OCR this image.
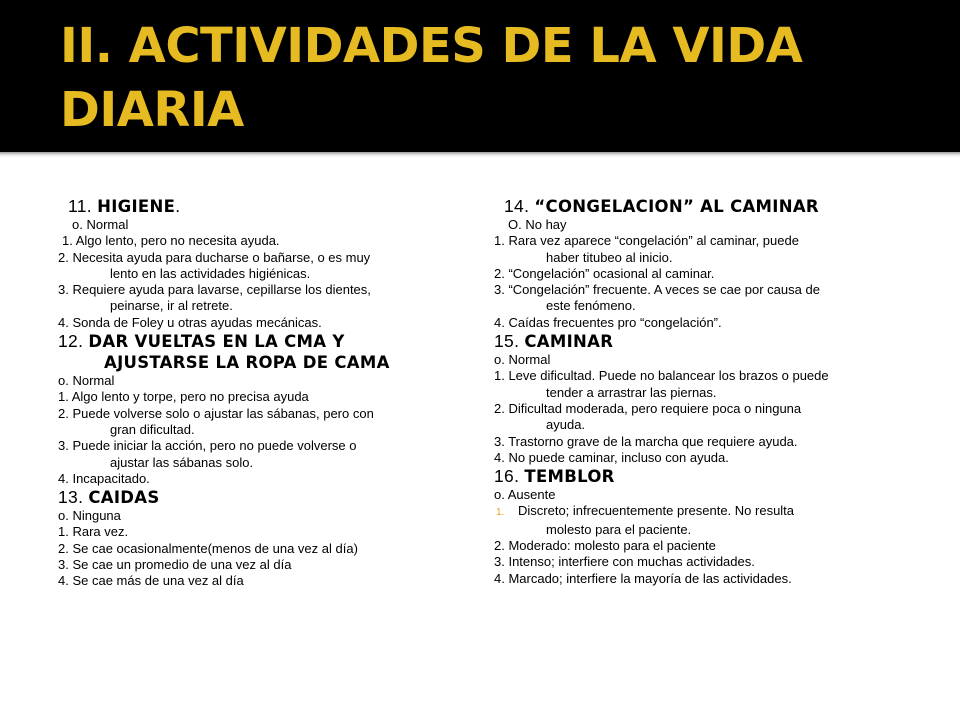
II. ACTIVIDADES DE LA VIDA DIARIA
11. HIGIENE.
o. Normal
1. Algo lento, pero no necesita ayuda.
2. Necesita ayuda para ducharse o bañarse, o es muy
lento en las actividades higiénicas.
3. Requiere ayuda para lavarse, cepillarse los dientes,
peinarse, ir al retrete.
4. Sonda de Foley u otras ayudas mecánicas.
12. DAR VUELTAS EN LA CMA Y
AJUSTARSE LA ROPA DE CAMA
o. Normal
1. Algo lento y torpe, pero no precisa ayuda
2. Puede volverse solo o ajustar las sábanas, pero con
gran dificultad.
3. Puede iniciar la acción, pero no puede volverse o
ajustar las sábanas solo.
4. Incapacitado.
13. CAIDAS
o. Ninguna
1. Rara vez.
2. Se cae ocasionalmente(menos de una vez al día)
3. Se cae un promedio de una vez al día
4. Se cae más de una vez al día
14. “CONGELACION” AL CAMINAR
O. No hay
1. Rara vez aparece “congelación” al caminar, puede
haber titubeo al inicio.
2. “Congelación” ocasional al caminar.
3. “Congelación” frecuente. A veces se cae por causa de
este fenómeno.
4. Caídas frecuentes pro “congelación”.
15. CAMINAR
o. Normal
1. Leve dificultad. Puede no balancear los brazos o puede
tender a arrastrar las piernas.
2. Dificultad moderada, pero requiere poca o ninguna
ayuda.
3. Trastorno grave de la marcha que requiere ayuda.
4. No puede caminar, incluso con ayuda.
16. TEMBLOR
o. Ausente
1. Discreto; infrecuentemente presente. No resulta
molesto para el paciente.
2. Moderado: molesto para el paciente
3. Intenso; interfiere con muchas actividades.
4. Marcado; interfiere la mayoría de las actividades.
